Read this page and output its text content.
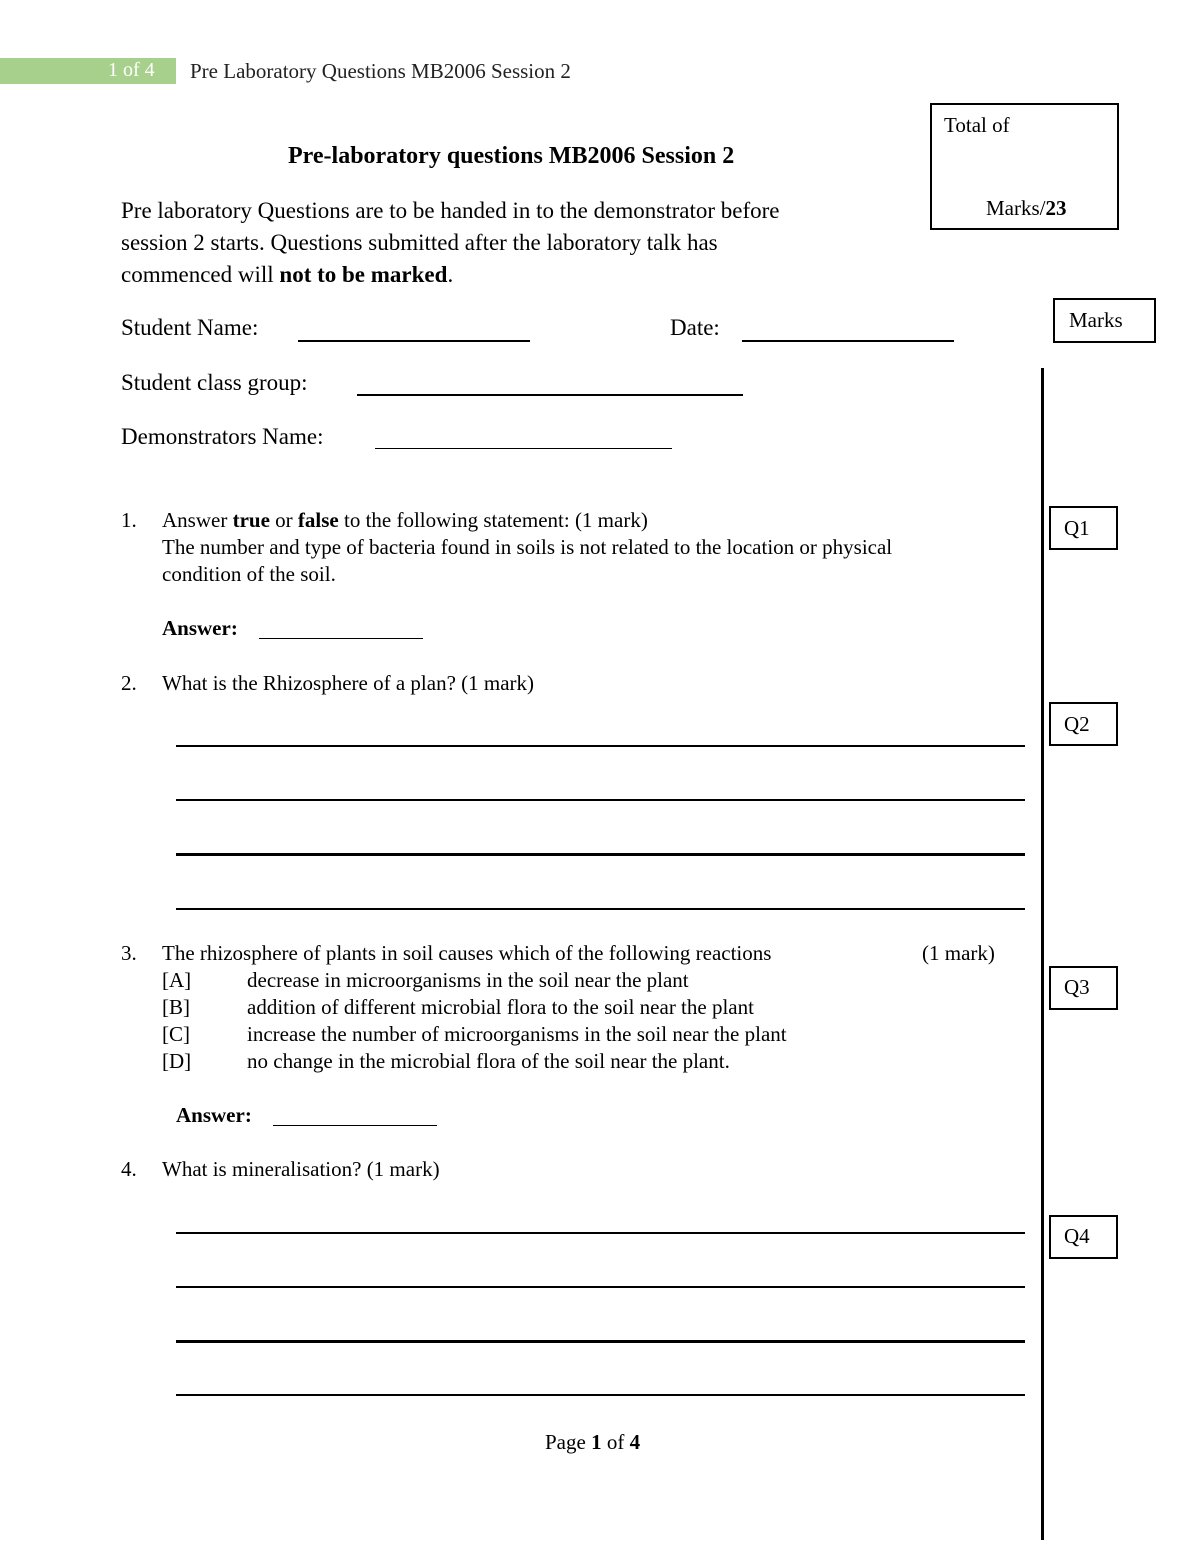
1 of 4 Pre Laboratory Questions MB2006 Session 2
Total of
Marks/23
Pre-laboratory questions MB2006 Session 2
Pre laboratory Questions are to be handed in to the demonstrator before
session 2 starts. Questions submitted after the laboratory talk has
commenced will not to be marked.
Student Name:	Date:
Student class group:
Demonstrators Name:
Marks
Q1
Q2
Q3
Q4
1. Answer true or false to the following statement: (1 mark)
The number and type of bacteria found in soils is not related to the location or physical
condition of the soil.
Answer:
2. What is the Rhizosphere of a plan? (1 mark)
3. The rhizosphere of plants in soil causes which of the following reactions	(1 mark)
[A]	decrease in microorganisms in the soil near the plant
[B]	addition of different microbial flora to the soil near the plant
[C]	increase the number of microorganisms in the soil near the plant
[D]	no change in the microbial flora of the soil near the plant.
Answer:
4. What is mineralisation? (1 mark)
Page 1 of 4
